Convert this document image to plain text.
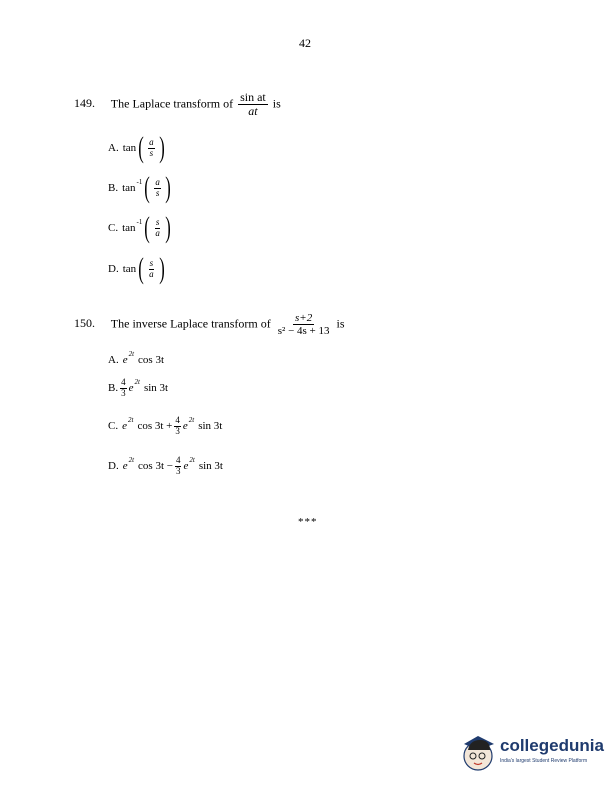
42
149. The Laplace transform of $\frac{\text{sin at}}{at}$ is
A. tan ( $\frac{a}{s}$ )
B. tan -1 ( $\frac{a}{s}$ )
C. tan -1 ( $\frac{s}{a}$ )
D. tan ( $\frac{s}{a}$ )
150. The inverse Laplace transform of $\frac{s+2}{\text{s² − 4s + 13}}$ is
A. e 2t cos 3t
B. $\frac{4}{3}$ e 2t sin 3t
C. e 2t $\cos 3t + \frac{4}{3}$ e 2t sin 3t
D. e 2t $\cos 3t - \frac{4}{3}$ e 2t sin 3t
***
collegedunia
India's largest Student Review Platform
